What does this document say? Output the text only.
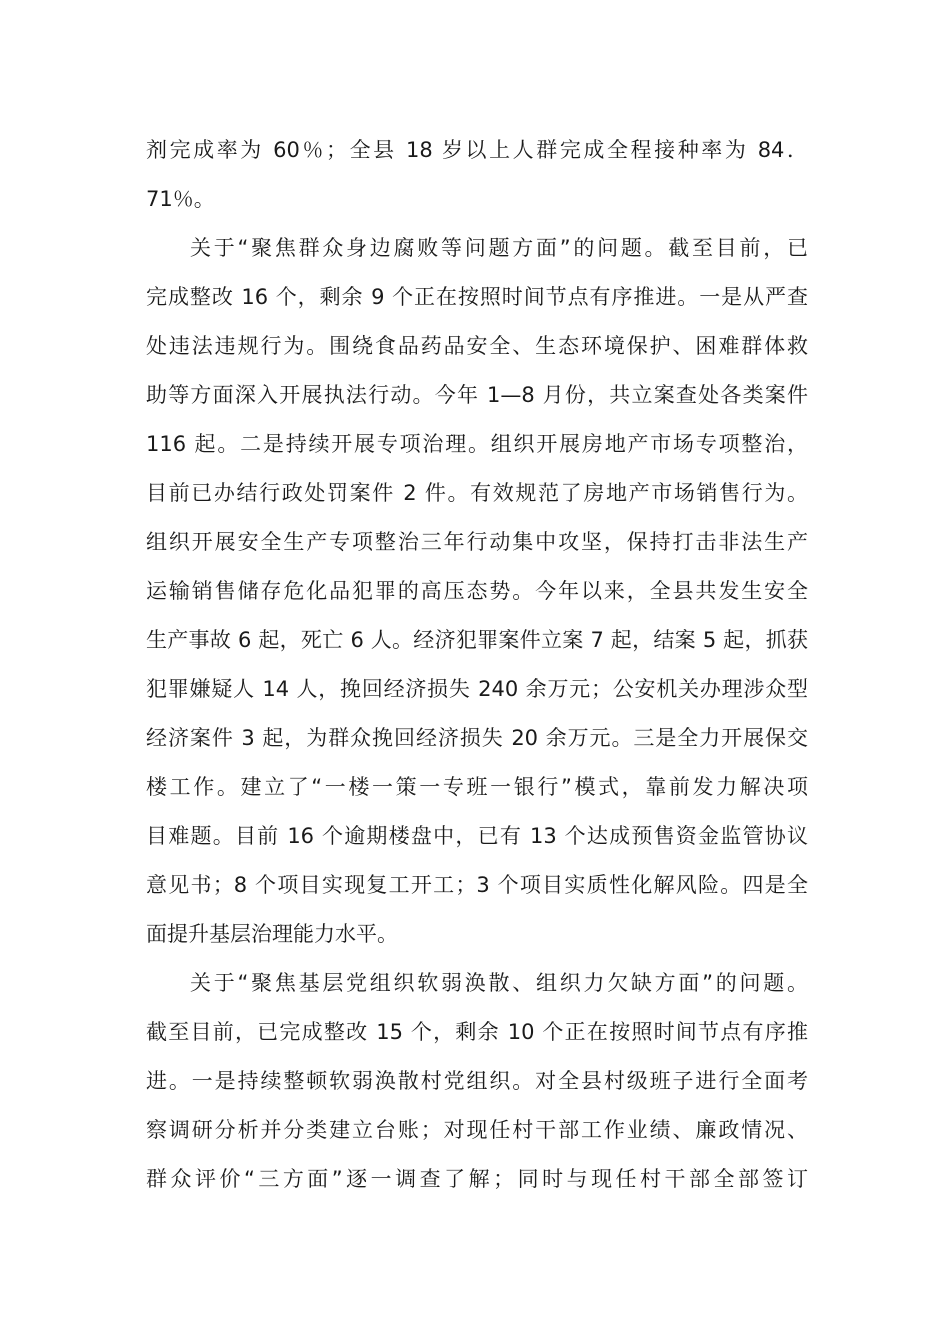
剂完成率为 60％；全县 18 岁以上人群完成全程接种率为 84．
71％。
关于“聚焦群众身边腐败等问题方面”的问题。截至目前，已
完成整改 16 个，剩余 9 个正在按照时间节点有序推进。一是从严查
处违法违规行为。围绕食品药品安全、生态环境保护、困难群体救
助等方面深入开展执法行动。今年 1—8 月份，共立案查处各类案件
116 起。二是持续开展专项治理。组织开展房地产市场专项整治，
目前已办结行政处罚案件 2 件。有效规范了房地产市场销售行为。
组织开展安全生产专项整治三年行动集中攻坚，保持打击非法生产
运输销售储存危化品犯罪的高压态势。今年以来，全县共发生安全
生产事故 6 起，死亡 6 人。经济犯罪案件立案 7 起，结案 5 起，抓获
犯罪嫌疑人 14 人，挽回经济损失 240 余万元；公安机关办理涉众型
经济案件 3 起，为群众挽回经济损失 20 余万元。三是全力开展保交
楼工作。建立了“一楼一策一专班一银行”模式，靠前发力解决项
目难题。目前 16 个逾期楼盘中，已有 13 个达成预售资金监管协议
意见书；8 个项目实现复工开工；3 个项目实质性化解风险。四是全
面提升基层治理能力水平。
关于“聚焦基层党组织软弱涣散、组织力欠缺方面”的问题。
截至目前，已完成整改 15 个，剩余 10 个正在按照时间节点有序推
进。一是持续整顿软弱涣散村党组织。对全县村级班子进行全面考
察调研分析并分类建立台账；对现任村干部工作业绩、廉政情况、
群众评价“三方面”逐一调查了解；同时与现任村干部全部签订
